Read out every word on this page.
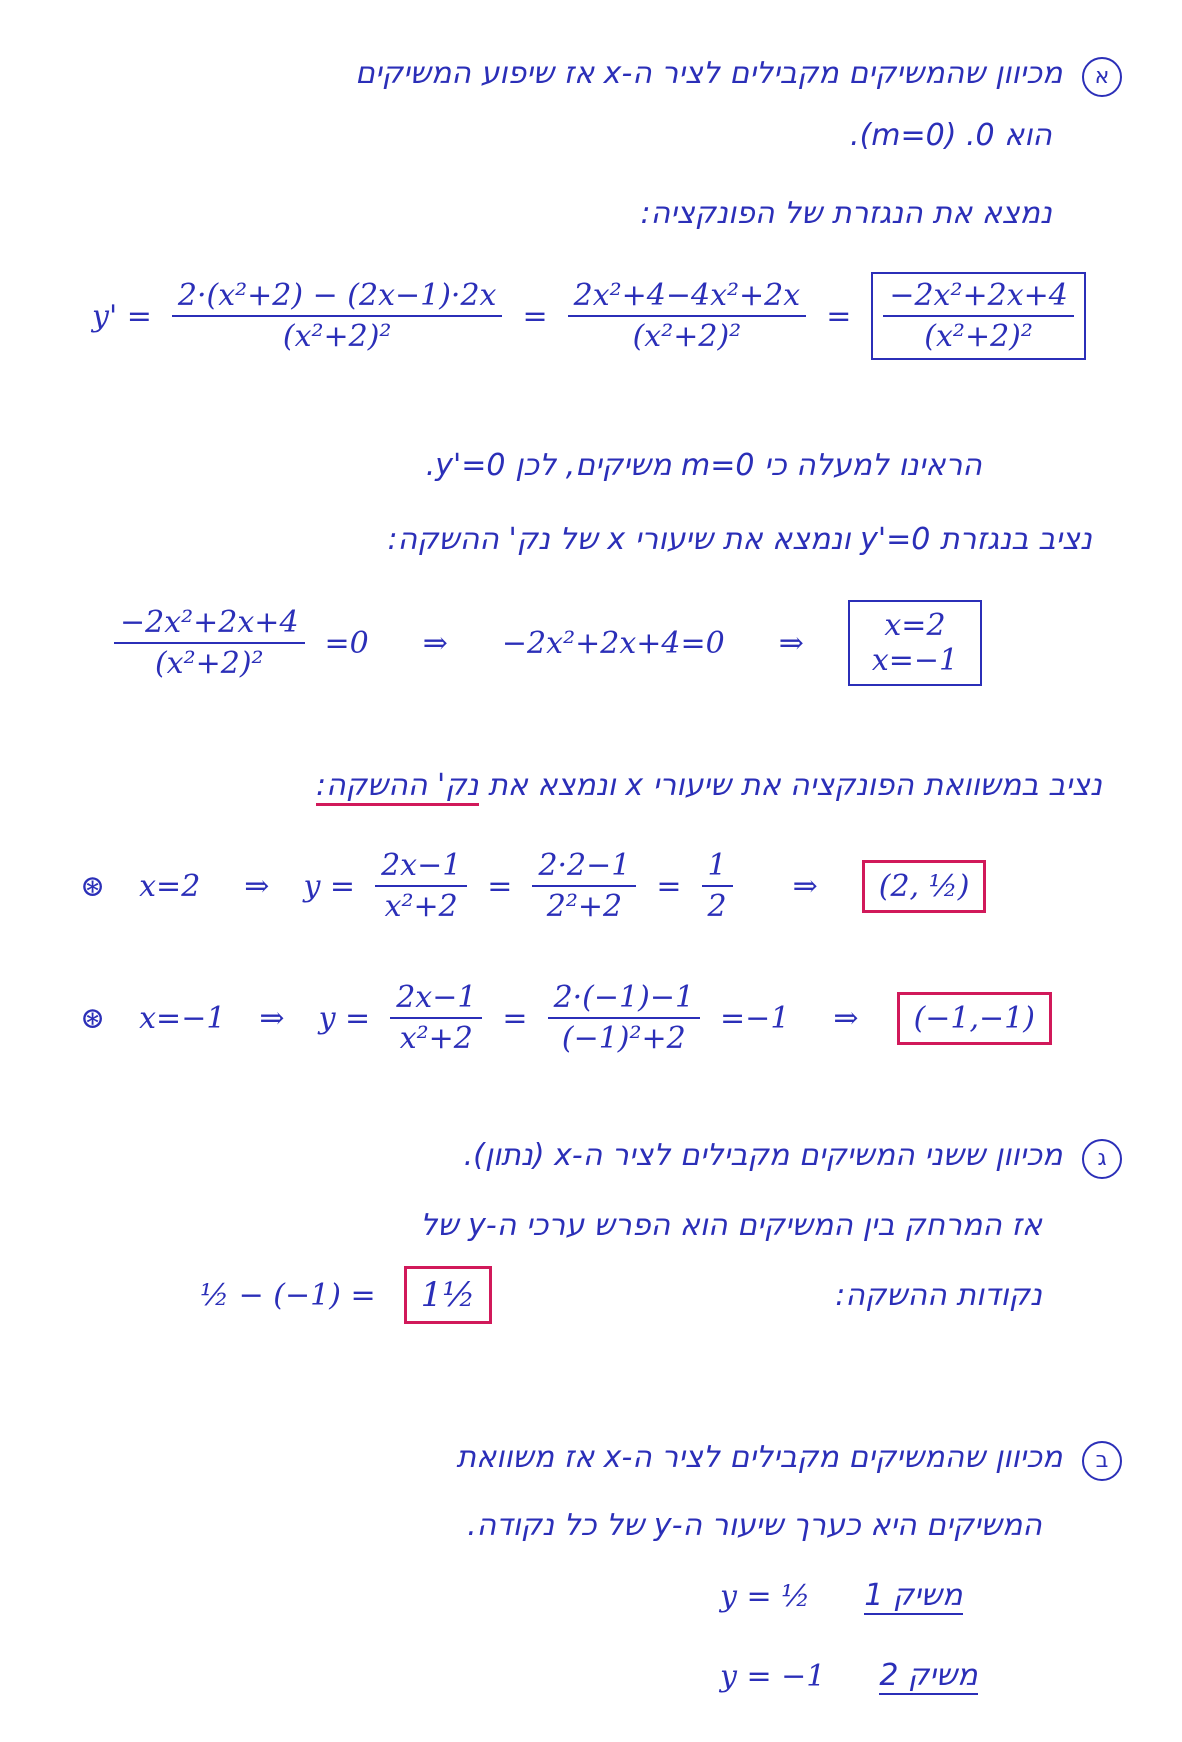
א מכיוון שהמשיקים מקבילים לציר ה-x אז שיפוע המשיקים
הוא 0. (m=0).
נמצא את הנגזרת של הפונקציה:
$y' = \frac{\text{2·(x²+2) − (2x−1)·2x}}{\text{(x²+2)²}} = \frac{\text{2x²+4−4x²+2x}}{\text{(x²+2)²}} = \frac{\text{−2x²+2x+4}}{\text{(x²+2)²}}$
הראינו למעלה כי m=0 משיקים, לכן y'=0.
נציב בנגזרת y'=0 ונמצא את שיעורי x של נק' ההשקה:
$\frac{\text{−2x²+2x+4}}{\text{(x²+2)²}} =0$ ⇒ −2x²+2x+4=0 ⇒	x=2
x=−1
נציב במשוואת הפונקציה את שיעורי x ונמצא את נק' ההשקה:
⊛ x=2 ⇒ $y = \frac{2x-1}{\text{x²+2}} = \frac{2\cdot 2-1}{\text{2²+2}} = \frac{1}{2}$ ⇒	(2, ½)
⊛ x=−1 ⇒ $y = \frac{2x-1}{\text{x²+2}} = \frac{2\cdot(-1)-1}{\text{(−1)²+2}} =-1$ ⇒	(−1,−1)
ג מכיוון ששני המשיקים מקבילים לציר ה-x (נתון).
אז המרחק בין המשיקים הוא הפרש ערכי ה-y של
נקודות ההשקה:
½ − (−1) =	1½
ב מכיוון שהמשיקים מקבילים לציר ה-x אז משוואת
המשיקים היא כערך שיעור ה-y של כל נקודה.
y = ½ משיק 1
y = −1 משיק 2
